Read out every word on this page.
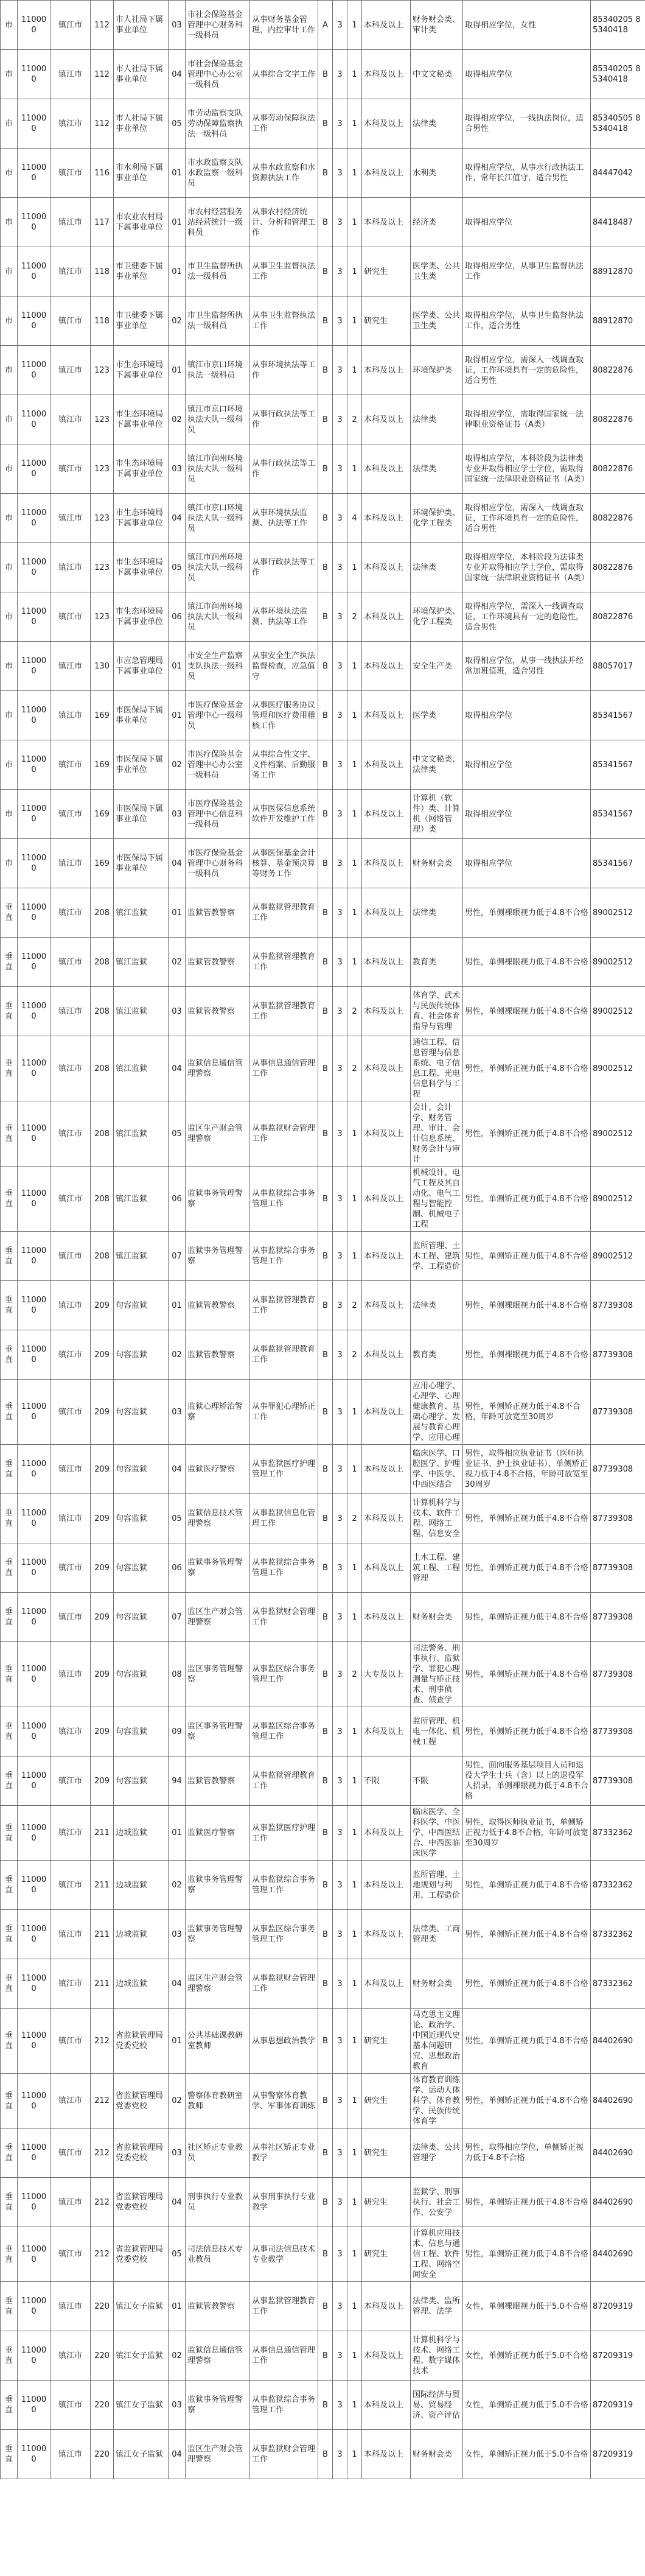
市	110000	镇江市	112	市人社局下属事业单位	03	市社会保险基金管理中心财务科一级科员	从事财务基金管理，内控审计工作	A	3	1	本科及以上	财务财会类、审计类	取得相应学位，女性	85340205 85340418
市	110000	镇江市	112	市人社局下属事业单位	04	市社会保险基金管理中心办公室一级科员	从事综合文字工作	B	3	1	本科及以上	中文文秘类	取得相应学位	85340205 85340418
市	110000	镇江市	112	市人社局下属事业单位	05	市劳动监察支队劳动保障监察执法一级科员	从事劳动保障执法工作	B	3	1	本科及以上	法律类	取得相应学位，一线执法岗位，适合男性	85340505 85340418
市	110000	镇江市	116	市水利局下属事业单位	01	市水政监察支队水政监察一级科员	从事水政监察和水资源执法工作	B	3	1	本科及以上	水利类	取得相应学位，从事水行政执法工作，常年长江值守，适合男性	84447042
市	110000	镇江市	117	市农业农村局下属事业单位	01	市农村经营服务站经营统计一级科员	从事农村经济统计、分析和管理工作	B	3	1	本科及以上	经济类	取得相应学位	84418487
市	110000	镇江市	118	市卫健委下属事业单位	01	市卫生监督所执法一级科员	从事卫生监督执法工作	B	3	1	研究生	医学类、公共卫生类	取得相应学位，从事卫生监督执法工作	88912870
市	110000	镇江市	118	市卫健委下属事业单位	02	市卫生监督所执法一级科员	从事卫生监督执法工作	B	3	1	研究生	医学类、公共卫生类	取得相应学位，从事卫生监督执法工作，适合男性	88912870
市	110000	镇江市	123	市生态环境局下属事业单位	01	镇江市京口环境执法一级科员	从事环境执法等工作	B	3	1	本科及以上	环境保护类	取得相应学位，需深入一线调查取证，工作环境具有一定的危险性，适合男性	80822876
市	110000	镇江市	123	市生态环境局下属事业单位	02	镇江市京口环境执法大队一级科员	从事行政执法等工作	B	3	2	本科及以上	法律类	取得相应学位，需取得国家统一法律职业资格证书（A类）	80822876
市	110000	镇江市	123	市生态环境局下属事业单位	03	镇江市润州环境执法大队一级科员	从事行政执法等工作	B	3	1	本科及以上	法律类	取得相应学位，本科阶段为法律类专业并取得相应学士学位，需取得国家统一法律职业资格证书（A类）	80822876
市	110000	镇江市	123	市生态环境局下属事业单位	04	镇江市京口环境执法大队一级科员	从事环境执法监测、执法等工作	B	3	4	本科及以上	环境保护类、化学工程类	取得相应学位，需深入一线调查取证，工作环境具有一定的危险性，适合男性	80822876
市	110000	镇江市	123	市生态环境局下属事业单位	05	镇江市润州环境执法大队一级科员	从事行政执法等工作	B	3	1	本科及以上	法律类	取得相应学位，本科阶段为法律类专业并取得相应学士学位，需取得国家统一法律职业资格证书（A类）	80822876
市	110000	镇江市	123	市生态环境局下属事业单位	06	镇江市润州环境执法大队一级科员	从事环境执法监测、执法等工作	B	3	2	本科及以上	环境保护类、化学工程类	取得相应学位，需深入一线调查取证，工作环境具有一定的危险性，适合男性	80822876
市	110000	镇江市	130	市应急管理局下属事业单位	01	市安全生产监察支队执法一级科员	从事安全生产执法监督检查，应急值守	B	3	1	本科及以上	安全生产类	取得相应学位，从事一线执法并经常加班值班，适合男性	88057017
市	110000	镇江市	169	市医保局下属事业单位	01	市医疗保险基金管理中心一级科员	从事医疗服务协议管理和医疗费用稽核工作	B	3	1	本科及以上	医学类	取得相应学位	85341567
市	110000	镇江市	169	市医保局下属事业单位	02	市医疗保险基金管理中心办公室一级科员	从事综合性文字、文件档案、后勤服务工作	B	3	1	本科及以上	中文文秘类、法律类	取得相应学位	85341567
市	110000	镇江市	169	市医保局下属事业单位	03	市医疗保险基金管理中心信息科一级科员	从事医保信息系统软件开发维护工作	B	3	1	本科及以上	计算机（软件）类、计算机（网络管理）类	取得相应学位	85341567
市	110000	镇江市	169	市医保局下属事业单位	04	市医疗保险基金管理中心财务科一级科员	从事医保基金会计核算、基金预决算等财务工作	B	3	1	本科及以上	财务财会类	取得相应学位	85341567
垂直	110000	镇江市	208	镇江监狱	01	监狱管教警察	从事监狱管理教育工作	B	3	1	本科及以上	法律类	男性，单侧裸眼视力低于4.8不合格	89002512
垂直	110000	镇江市	208	镇江监狱	02	监狱管教警察	从事监狱管理教育工作	B	3	1	本科及以上	教育类	男性，单侧裸眼视力低于4.8不合格	89002512
垂直	110000	镇江市	208	镇江监狱	03	监狱管教警察	从事监狱管理教育工作	B	3	2	本科及以上	体育学、武术与民族传统体育、社会体育指导与管理	男性，单侧裸眼视力低于4.8不合格	89002512
垂直	110000	镇江市	208	镇江监狱	04	监狱信息通信管理警察	从事信息通信管理工作	B	3	2	本科及以上	通信工程、信息管理与信息系统、电子信息工程、光电信息科学与工程	男性，单侧矫正视力低于4.8不合格	89002512
垂直	110000	镇江市	208	镇江监狱	05	监区生产财会管理警察	从事监狱财会管理工作	B	3	1	本科及以上	会计、会计学、财务管理、审计、会计信息系统、财务会计与审计	男性，单侧矫正视力低于4.8不合格	89002512
垂直	110000	镇江市	208	镇江监狱	06	监狱事务管理警察	从事监狱综合事务管理工作	B	3	1	本科及以上	机械设计、电气工程及其自动化、电气工程与智能控制、机械电子工程	男性，单侧矫正视力低于4.8不合格	89002512
垂直	110000	镇江市	208	镇江监狱	07	监狱事务管理警察	从事监狱综合事务管理工作	B	3	1	本科及以上	监所管理、土木工程、建筑学、工程造价	男性，单侧矫正视力低于4.8不合格	89002512
垂直	110000	镇江市	209	句容监狱	01	监狱管教警察	从事监狱管理教育工作	B	3	2	本科及以上	法律类	男性，单侧裸眼视力低于4.8不合格	87739308
垂直	110000	镇江市	209	句容监狱	02	监狱管教警察	从事监狱管理教育工作	B	3	2	本科及以上	教育类	男性，单侧裸眼视力低于4.8不合格	87739308
垂直	110000	镇江市	209	句容监狱	03	监狱心理矫治警察	从事罪犯心理矫正工作	B	3	1	本科及以上	应用心理学、心理学、心理健康教育、基础心理学、发展与教育心理学、应用心理	男性，单侧矫正视力低于4.8不合格，年龄可放宽至30周岁	87739308
垂直	110000	镇江市	209	句容监狱	04	监狱医疗警察	从事监狱医疗护理管理工作	B	3	1	本科及以上	临床医学、口腔医学、护理学、中医学、中西医结合	男性，取得相应执业证书（医师执业证书、护士执业证书），单侧矫正视力低于4.8不合格，年龄可放宽至30周岁	87739308
垂直	110000	镇江市	209	句容监狱	05	监狱信息技术管理警察	从事监狱信息化管理工作	B	3	2	本科及以上	计算机科学与技术、软件工程、网络工程、信息安全	男性，单侧矫正视力低于4.8不合格	87739308
垂直	110000	镇江市	209	句容监狱	06	监狱事务管理警察	从事监狱综合事务管理工作	B	3	1	本科及以上	土木工程、建筑工程、工程管理	男性，单侧矫正视力低于4.8不合格	87739308
垂直	110000	镇江市	209	句容监狱	07	监区生产财会管理警察	从事监狱财会管理工作	B	3	1	本科及以上	财务财会类	男性，单侧矫正视力低于4.8不合格	87739308
垂直	110000	镇江市	209	句容监狱	08	监区事务管理警察	从事监区综合事务管理工作	B	3	2	大专及以上	司法警务、刑事执行、监狱学、罪犯心理测量与矫正技术、刑事侦查、侦查学	男性，单侧矫正视力低于4.8不合格	87739308
垂直	110000	镇江市	209	句容监狱	09	监区事务管理警察	从事监区综合事务管理工作	B	3	1	本科及以上	监所管理、机电一体化、机械工程	男性，单侧矫正视力低于4.8不合格	87739308
垂直	110000	镇江市	209	句容监狱	94	监狱管教警察	从事监狱管理教育工作	B	3	1	不限	不限	男性，面向服务基层项目人员和退役大学生士兵（含）以上的退役军人招录，单侧裸眼视力低于4.8不合格	87739308
垂直	110000	镇江市	211	边城监狱	01	监狱医疗警察	从事监狱医疗护理工作	B	3	1	本科及以上	临床医学、全科医学、中医学、中西医结合、中西医临床医学	男性，取得医师执业证书，单侧矫正视力低于4.8不合格，年龄可放宽至30周岁	87332362
垂直	110000	镇江市	211	边城监狱	02	监狱事务管理警察	从事监狱综合事务管理工作	B	3	1	本科及以上	监所管理、土地规划与利用、工程造价	男性，单侧矫正视力低于4.8不合格	87332362
垂直	110000	镇江市	211	边城监狱	03	监狱事务管理警察	从事监区综合事务管理工作	B	3	1	本科及以上	法律类、工商管理类	男性，单侧矫正视力低于4.8不合格	87332362
垂直	110000	镇江市	211	边城监狱	04	监区生产财会管理警察	从事监狱财会管理工作	B	3	1	本科及以上	财务财会类	男性，单侧矫正视力低于4.8不合格	87332362
垂直	110000	镇江市	212	省监狱管理局党委党校	01	公共基础课教研室教师	从事思想政治教学	B	3	1	研究生	马克思主义理论、政治学、中国近现代史基本问题研究、思想政治教育	男性，单侧矫正视力低于4.8不合格	84402690
垂直	110000	镇江市	212	省监狱管理局党委党校	02	警察体育教研室教师	从事警察体育教学、军事体育训练	B	3	1	研究生	体育教育训练学、运动人体科学、体育教学、民族传统体育学	男性，单侧矫正视力低于4.8不合格	84402690
垂直	110000	镇江市	212	省监狱管理局党委党校	03	社区矫正专业教员	从事社区矫正专业教学	B	3	1	研究生	法律类、公共管理学	男性，取得相应学位，单侧矫正视力低于4.8不合格	84402690
垂直	110000	镇江市	212	省监狱管理局党委党校	04	刑事执行专业教员	从事刑事执行专业教学	B	3	1	研究生	监狱学、刑事执行、社会工作、公安学	男性，单侧矫正视力低于4.8不合格	84402690
垂直	110000	镇江市	212	省监狱管理局党委党校	05	司法信息技术专业教员	从事司法信息技术专业教学	B	3	1	研究生	计算机应用技术、信息与通信工程、软件工程、网络空间安全	男性，单侧矫正视力低于4.8不合格	84402690
垂直	110000	镇江市	220	镇江女子监狱	01	监狱管教警察	从事监狱管理教育工作	B	3	1	本科及以上	法律类、监所管理、法学	女性，单侧裸眼视力低于5.0不合格	87209319
垂直	110000	镇江市	220	镇江女子监狱	02	监狱信息通信管理警察	从事信息通信管理工作	B	3	1	本科及以上	计算机科学与技术、网络工程、数字媒体技术	女性，单侧矫正视力低于5.0不合格	87209319
垂直	110000	镇江市	220	镇江女子监狱	03	监狱事务管理警察	从事监狱综合事务管理工作	B	3	1	本科及以上	国际经济与贸易、贸易经济、资产评估	女性，单侧矫正视力低于5.0不合格	87209319
垂直	110000	镇江市	220	镇江女子监狱	04	监区生产财会管理警察	从事监狱财会管理工作	B	3	1	本科及以上	财务财会类	女性，单侧矫正视力低于5.0不合格	87209319
